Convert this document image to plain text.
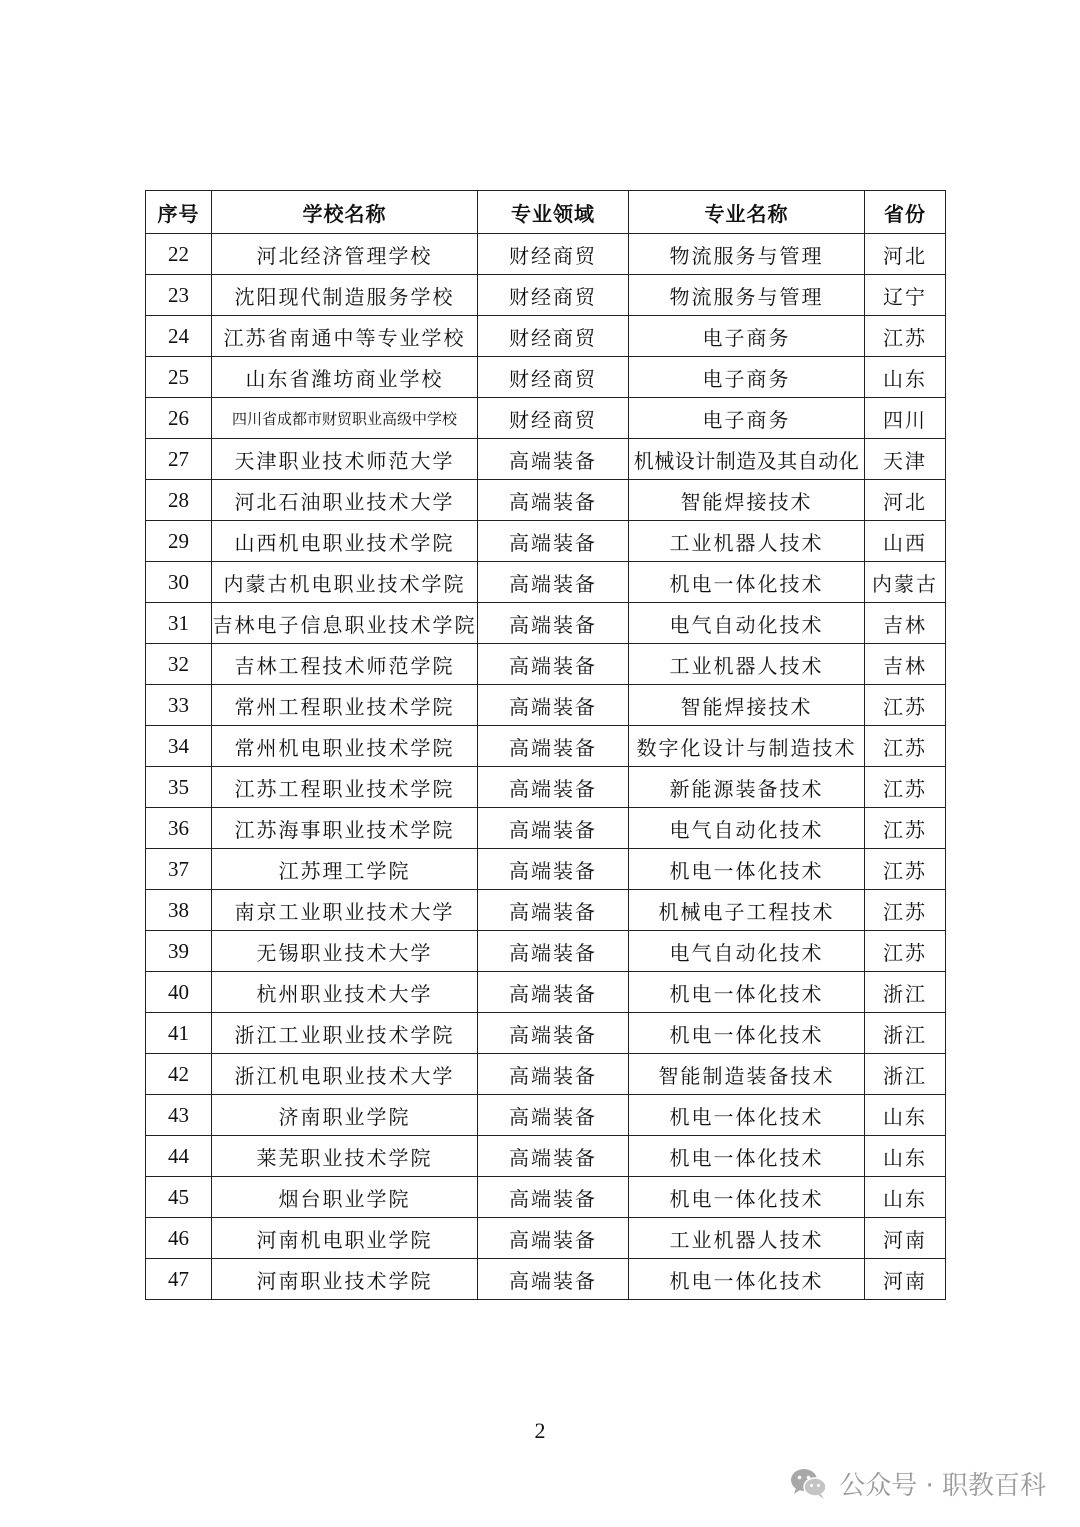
序号	学校名称	专业领域	专业名称	省份
22	河北经济管理学校	财经商贸	物流服务与管理	河北
23	沈阳现代制造服务学校	财经商贸	物流服务与管理	辽宁
24	江苏省南通中等专业学校	财经商贸	电子商务	江苏
25	山东省潍坊商业学校	财经商贸	电子商务	山东
26	四川省成都市财贸职业高级中学校	财经商贸	电子商务	四川
27	天津职业技术师范大学	高端装备	机械设计制造及其自动化	天津
28	河北石油职业技术大学	高端装备	智能焊接技术	河北
29	山西机电职业技术学院	高端装备	工业机器人技术	山西
30	内蒙古机电职业技术学院	高端装备	机电一体化技术	内蒙古
31	吉林电子信息职业技术学院	高端装备	电气自动化技术	吉林
32	吉林工程技术师范学院	高端装备	工业机器人技术	吉林
33	常州工程职业技术学院	高端装备	智能焊接技术	江苏
34	常州机电职业技术学院	高端装备	数字化设计与制造技术	江苏
35	江苏工程职业技术学院	高端装备	新能源装备技术	江苏
36	江苏海事职业技术学院	高端装备	电气自动化技术	江苏
37	江苏理工学院	高端装备	机电一体化技术	江苏
38	南京工业职业技术大学	高端装备	机械电子工程技术	江苏
39	无锡职业技术大学	高端装备	电气自动化技术	江苏
40	杭州职业技术大学	高端装备	机电一体化技术	浙江
41	浙江工业职业技术学院	高端装备	机电一体化技术	浙江
42	浙江机电职业技术大学	高端装备	智能制造装备技术	浙江
43	济南职业学院	高端装备	机电一体化技术	山东
44	莱芜职业技术学院	高端装备	机电一体化技术	山东
45	烟台职业学院	高端装备	机电一体化技术	山东
46	河南机电职业学院	高端装备	工业机器人技术	河南
47	河南职业技术学院	高端装备	机电一体化技术	河南
2
公众号 · 职教百科
